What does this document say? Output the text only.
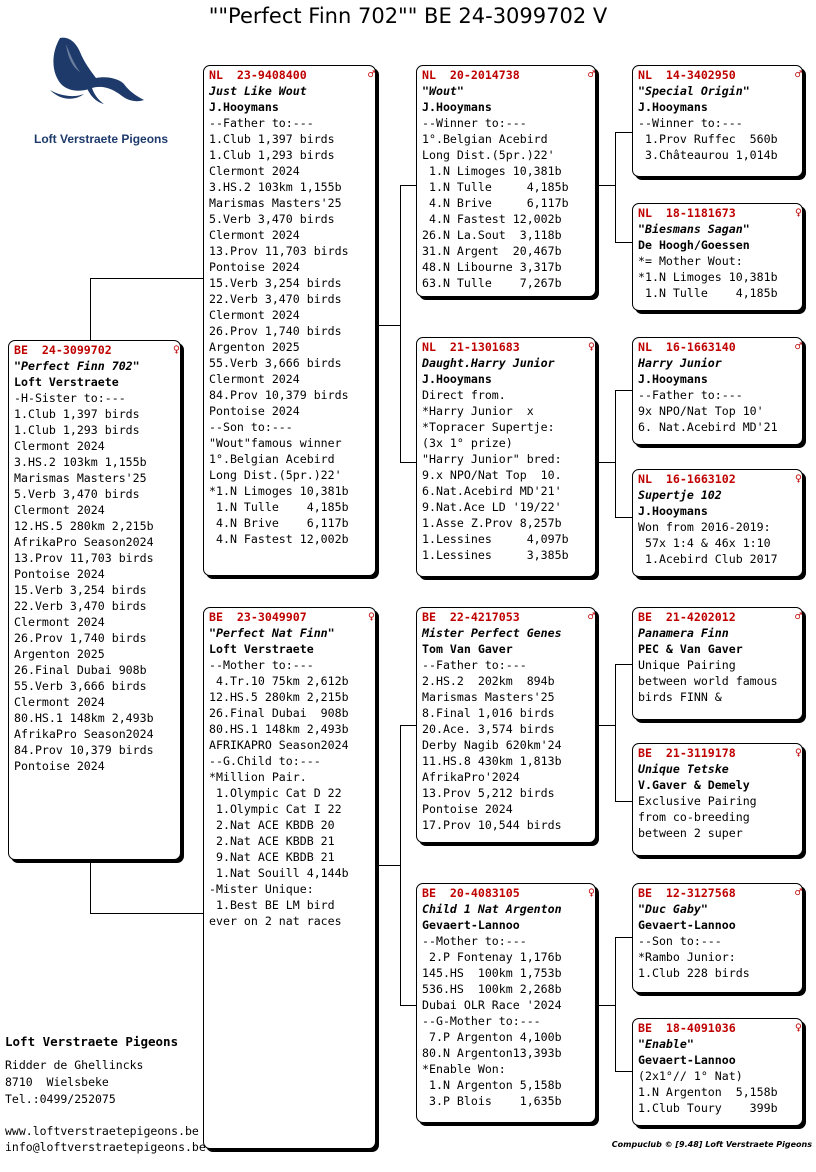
""Perfect Finn 702"" BE 24-3099702 V
Loft Verstraete Pigeons
BE  24-3099702	♀
"Perfect Finn 702"
Loft Verstraete
-H-Sister to:---
1.Club 1,397 birds
1.Club 1,293 birds
Clermont 2024
3.HS.2 103km 1,155b
Marismas Masters'25
5.Verb 3,470 birds
Clermont 2024
12.HS.5 280km 2,215b
AfrikaPro Season2024
13.Prov 11,703 birds
Pontoise 2024
15.Verb 3,254 birds
22.Verb 3,470 birds
Clermont 2024
26.Prov 1,740 birds
Argenton 2025
26.Final Dubai 908b
55.Verb 3,666 birds
Clermont 2024
80.HS.1 148km 2,493b
AfrikaPro Season2024
84.Prov 10,379 birds
Pontoise 2024
NL  23-9408400	♂
Just Like Wout
J.Hooymans
--Father to:---
1.Club 1,397 birds
1.Club 1,293 birds
Clermont 2024
3.HS.2 103km 1,155b
Marismas Masters'25
5.Verb 3,470 birds
Clermont 2024
13.Prov 11,703 birds
Pontoise 2024
15.Verb 3,254 birds
22.Verb 3,470 birds
Clermont 2024
26.Prov 1,740 birds
Argenton 2025
55.Verb 3,666 birds
Clermont 2024
84.Prov 10,379 birds
Pontoise 2024
--Son to:---
"Wout"famous winner
1°.Belgian Acebird
Long Dist.(5pr.)22'
*1.N Limoges 10,381b
1.N Tulle    4,185b
4.N Brive    6,117b
4.N Fastest 12,002b
BE  23-3049907	♀
"Perfect Nat Finn"
Loft Verstraete
--Mother to:---
4.Tr.10 75km 2,612b
12.HS.5 280km 2,215b
26.Final Dubai  908b
80.HS.1 148km 2,493b
AFRIKAPRO Season2024
--G.Child to:---
*Million Pair.
1.Olympic Cat D 22
1.Olympic Cat I 22
2.Nat ACE KBDB 20
2.Nat ACE KBDB 21
9.Nat ACE KBDB 21
1.Nat Souill 4,144b
-Mister Unique:
1.Best BE LM bird
ever on 2 nat races
NL  20-2014738	♂
"Wout"
J.Hooymans
--Winner to:---
1°.Belgian Acebird
Long Dist.(5pr.)22'
1.N Limoges 10,381b
1.N Tulle     4,185b
4.N Brive     6,117b
4.N Fastest 12,002b
26.N La.Sout  3,118b
31.N Argent  20,467b
48.N Libourne 3,317b
63.N Tulle    7,267b
NL  21-1301683	♀
Daught.Harry Junior
J.Hooymans
Direct from.
*Harry Junior  x
*Topracer Supertje:
(3x 1° prize)
"Harry Junior" bred:
9.x NPO/Nat Top  10.
6.Nat.Acebird MD'21'
9.Nat.Ace LD '19/22'
1.Asse Z.Prov 8,257b
1.Lessines     4,097b
1.Lessines     3,385b
BE  22-4217053	♂
Mister Perfect Genes
Tom Van Gaver
--Father to:---
2.HS.2  202km  894b
Marismas Masters'25
8.Final 1,016 birds
20.Ace. 3,574 birds
Derby Nagib 620km'24
11.HS.8 430km 1,813b
AfrikaPro'2024
13.Prov 5,212 birds
Pontoise 2024
17.Prov 10,544 birds
BE  20-4083105	♀
Child 1 Nat Argenton
Gevaert-Lannoo
--Mother to:---
2.P Fontenay 1,176b
145.HS  100km 1,753b
536.HS  100km 2,268b
Dubai OLR Race '2024
--G-Mother to:---
7.P Argenton 4,100b
80.N Argenton13,393b
*Enable Won:
1.N Argenton 5,158b
3.P Blois    1,635b
NL  14-3402950	♂
"Special Origin"
J.Hooymans
--Winner to:---
1.Prov Ruffec  560b
3.Châteaurou 1,014b
NL  18-1181673	♀
"Biesmans Sagan"
De Hoogh/Goessen
*= Mother Wout:
*1.N Limoges 10,381b
1.N Tulle    4,185b
NL  16-1663140	♂
Harry Junior
J.Hooymans
--Father to:---
9x NPO/Nat Top 10'
6. Nat.Acebird MD'21
NL  16-1663102	♀
Supertje 102
J.Hooymans
Won from 2016-2019:
57x 1:4 & 46x 1:10
1.Acebird Club 2017
BE  21-4202012	♂
Panamera Finn
PEC & Van Gaver
Unique Pairing
between world famous
birds FINN &
BE  21-3119178	♀
Unique Tetske
V.Gaver & Demely
Exclusive Pairing
from co-breeding
between 2 super
BE  12-3127568	♂
"Duc Gaby"
Gevaert-Lannoo
--Son to:---
*Rambo Junior:
1.Club 228 birds
BE  18-4091036	♀
"Enable"
Gevaert-Lannoo
(2x1°// 1° Nat)
1.N Argenton  5,158b
1.Club Toury    399b
Loft Verstraete Pigeons
Ridder de Ghellincks
8710  Wielsbeke
Tel.:0499/252075
www.loftverstraetepigeons.be
info@loftverstraetepigeons.be	Compuclub © [9.48] Loft Verstraete Pigeons
